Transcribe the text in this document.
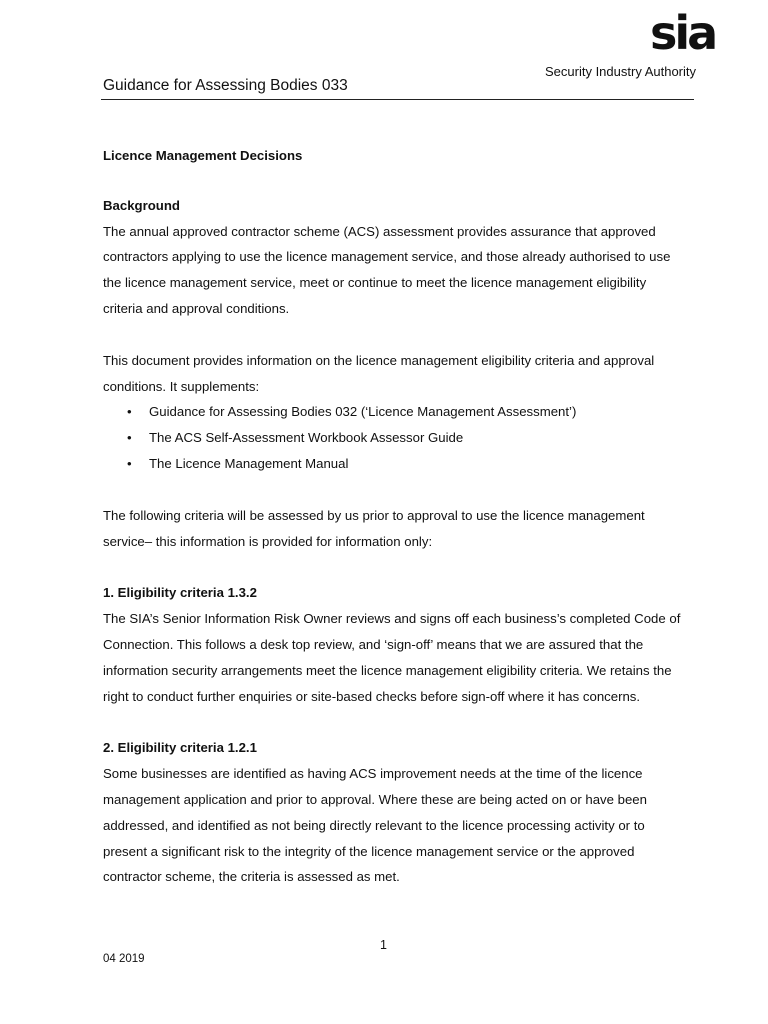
sia
Security Industry Authority
Guidance for Assessing Bodies 033

Licence Management Decisions

Background

The annual approved contractor scheme (ACS) assessment provides assurance that approved contractors applying to use the licence management service, and those already authorised to use the licence management service, meet or continue to meet the licence management eligibility criteria and approval conditions.

This document provides information on the licence management eligibility criteria and approval conditions. It supplements:

• Guidance for Assessing Bodies 032 (‘Licence Management Assessment’)
• The ACS Self-Assessment Workbook Assessor Guide
• The Licence Management Manual

The following criteria will be assessed by us prior to approval to use the licence management service– this information is provided for information only:

1. Eligibility criteria 1.3.2

The SIA’s Senior Information Risk Owner reviews and signs off each business’s completed Code of Connection. This follows a desk top review, and ‘sign-off’ means that we are assured that the information security arrangements meet the licence management eligibility criteria. We retains the right to conduct further enquiries or site-based checks before sign-off where it has concerns.

2. Eligibility criteria 1.2.1

Some businesses are identified as having ACS improvement needs at the time of the licence management application and prior to approval. Where these are being acted on or have been addressed, and identified as not being directly relevant to the licence processing activity or to present a significant risk to the integrity of the licence management service or the approved contractor scheme, the criteria is assessed as met.

1
04 2019
